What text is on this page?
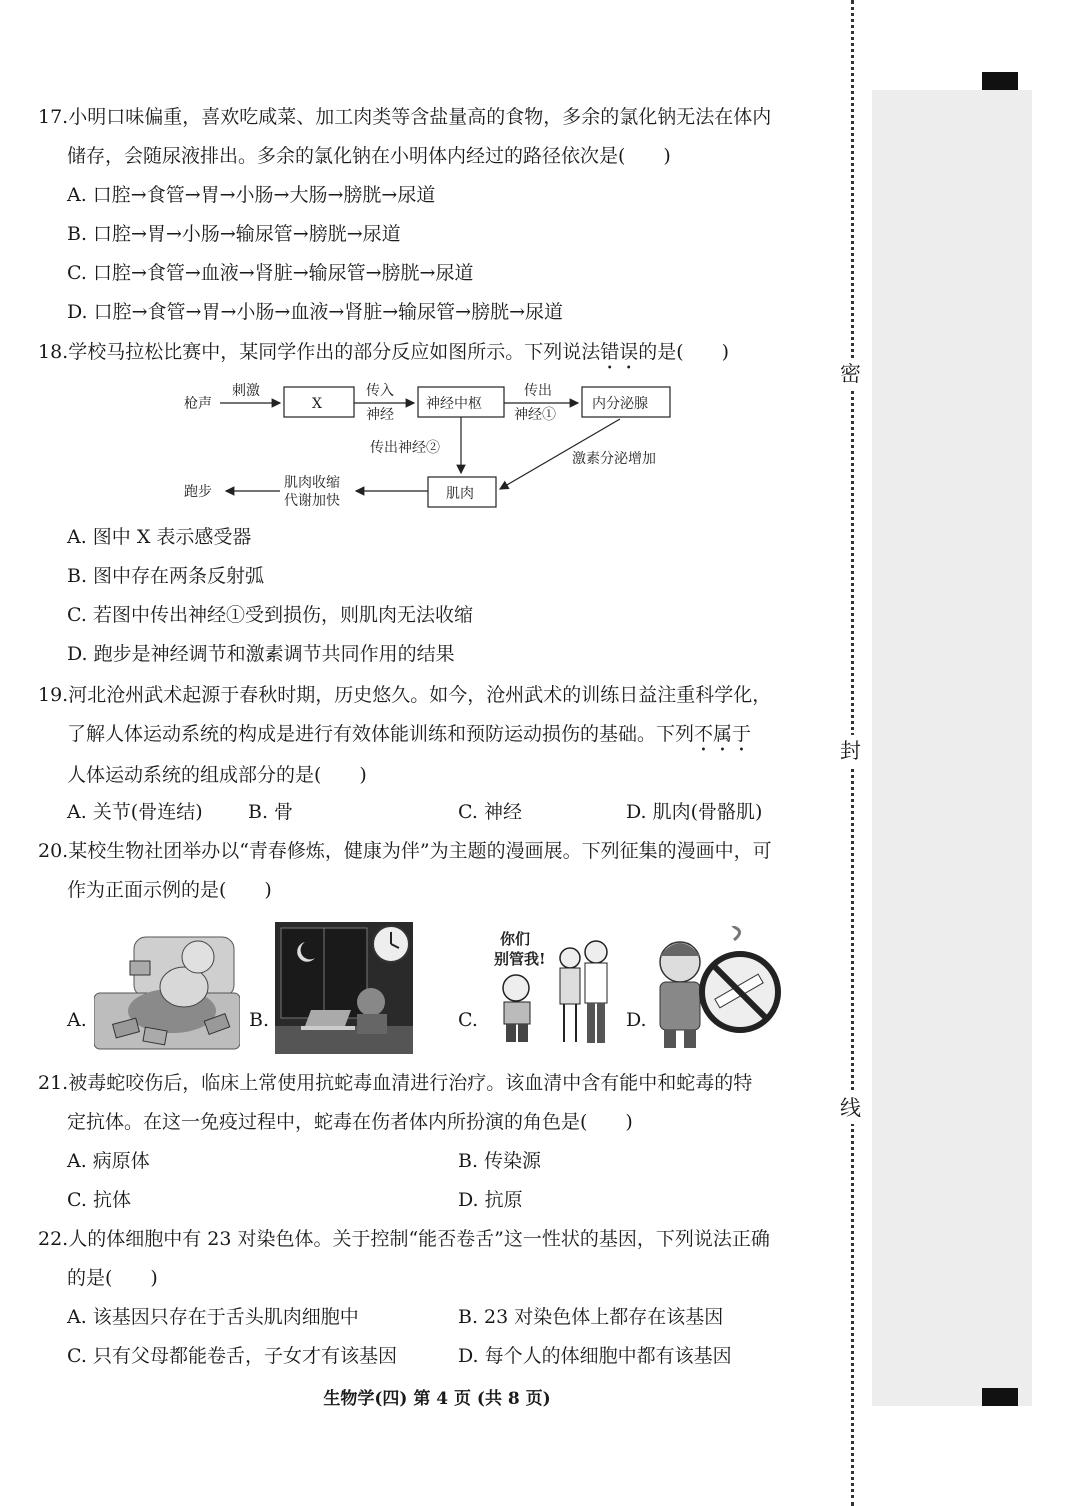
17.小明口味偏重，喜欢吃咸菜、加工肉类等含盐量高的食物，多余的氯化钠无法在体内
储存，会随尿液排出。多余的氯化钠在小明体内经过的路径依次是(　　)
A. 口腔→食管→胃→小肠→大肠→膀胱→尿道
B. 口腔→胃→小肠→输尿管→膀胱→尿道
C. 口腔→食管→血液→肾脏→输尿管→膀胱→尿道
D. 口腔→食管→胃→小肠→血液→肾脏→输尿管→膀胱→尿道
18.学校马拉松比赛中，某同学作出的部分反应如图所示。下列说法错误的是(　　)
枪声
刺激
X
传入
神经
神经中枢
传出
神经①
内分泌腺
传出神经②
激素分泌增加
肌肉
肌肉收缩
代谢加快
跑步
A. 图中 X 表示感受器
B. 图中存在两条反射弧
C. 若图中传出神经①受到损伤，则肌肉无法收缩
D. 跑步是神经调节和激素调节共同作用的结果
19.河北沧州武术起源于春秋时期，历史悠久。如今，沧州武术的训练日益注重科学化，
了解人体运动系统的构成是进行有效体能训练和预防运动损伤的基础。下列不属于
人体运动系统的组成部分的是(　　)
A. 关节(骨连结) B. 骨	C. 神经	D. 肌肉(骨骼肌)
20.某校生物社团举办以“青春修炼，健康为伴”为主题的漫画展。下列征集的漫画中，可
作为正面示例的是(　　)
A.	B.	C.
你们
别管我!
D.
21.被毒蛇咬伤后，临床上常使用抗蛇毒血清进行治疗。该血清中含有能中和蛇毒的特
定抗体。在这一免疫过程中，蛇毒在伤者体内所扮演的角色是(　　)
A. 病原体	B. 传染源
C. 抗体	D. 抗原
22.人的体细胞中有 23 对染色体。关于控制“能否卷舌”这一性状的基因，下列说法正确
的是(　　)
A. 该基因只存在于舌头肌肉细胞中	B. 23 对染色体上都存在该基因
C. 只有父母都能卷舌，子女才有该基因	D. 每个人的体细胞中都有该基因
生物学(四) 第 4 页 (共 8 页)
密
封
线
